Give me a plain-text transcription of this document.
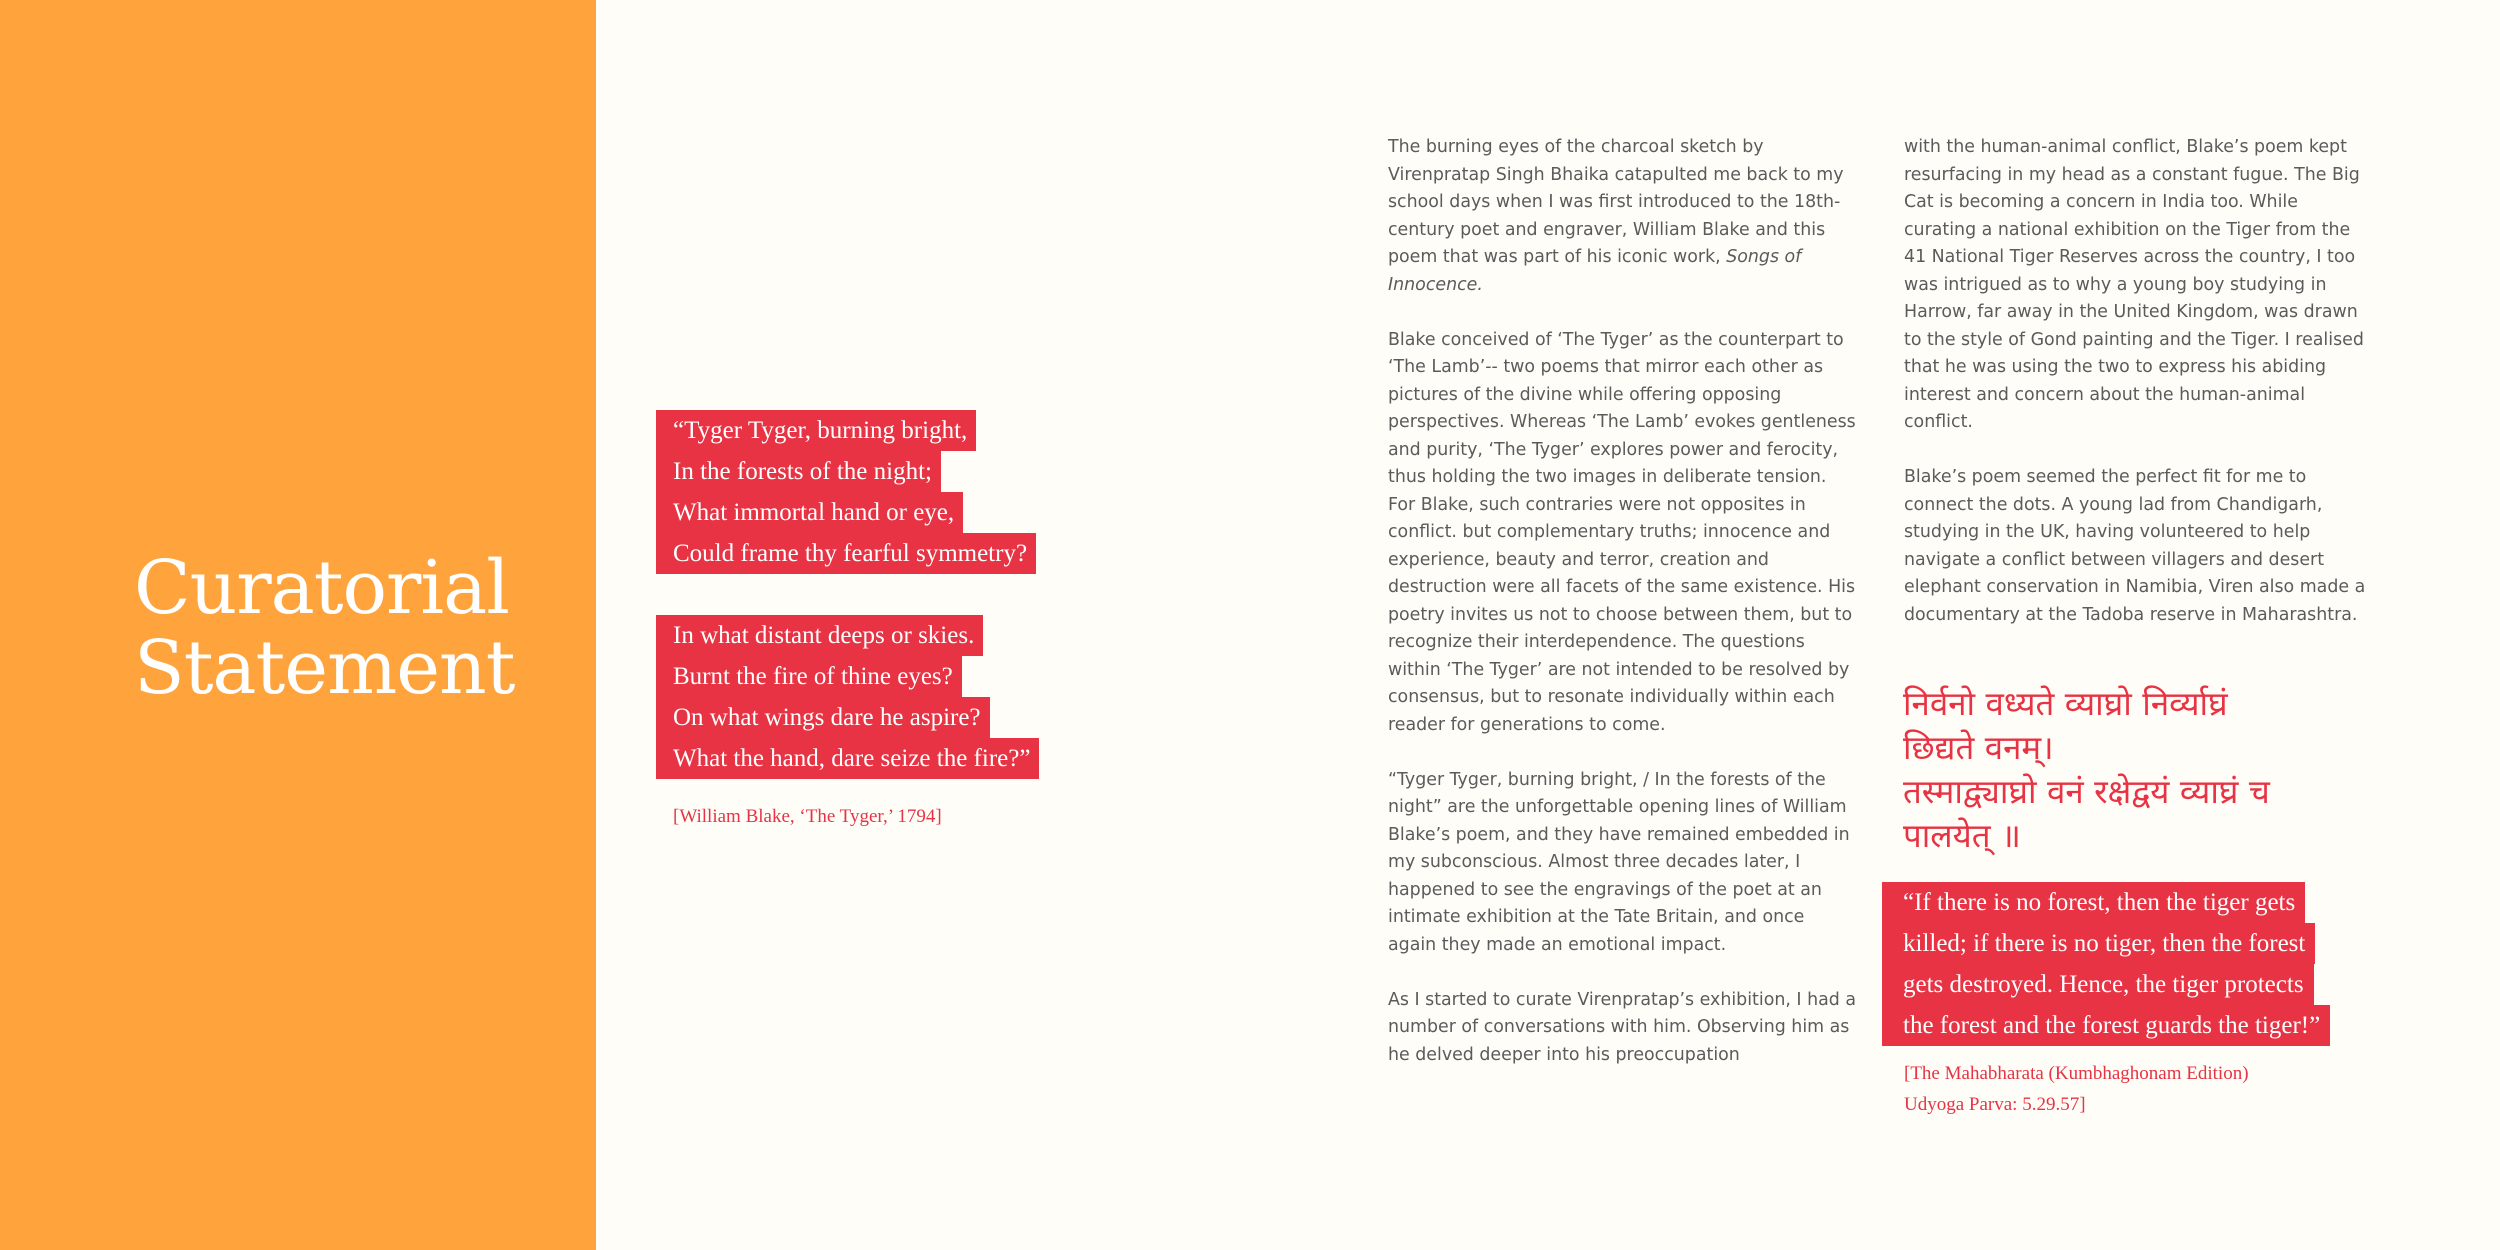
Curatorial
Statement
“Tyger Tyger, burning bright,
In the forests of the night;
What immortal hand or eye,
Could frame thy fearful symmetry?
In what distant deeps or skies.
Burnt the fire of thine eyes?
On what wings dare he aspire?
What the hand, dare seize the fire?”
[William Blake, ‘The Tyger,’ 1794]

The burning eyes of the charcoal sketch by Virenpratap Singh Bhaika catapulted me back to my school days when I was first introduced to the 18th-century poet and engraver, William Blake and this poem that was part of his iconic work, Songs of Innocence.

Blake conceived of ‘The Tyger’ as the counterpart to ‘The Lamb’-- two poems that mirror each other as pictures of the divine while offering opposing perspectives. Whereas ‘The Lamb’ evokes gentleness and purity, ‘The Tyger’ explores power and ferocity, thus holding the two images in deliberate tension. For Blake, such contraries were not opposites in conflict. but complementary truths; innocence and experience, beauty and terror, creation and destruction were all facets of the same existence. His poetry invites us not to choose between them, but to recognize their interdependence. The questions within ‘The Tyger’ are not intended to be resolved by consensus, but to resonate individually within each reader for generations to come.

“Tyger Tyger, burning bright, / In the forests of the night” are the unforgettable opening lines of William Blake’s poem, and they have remained embedded in my subconscious. Almost three decades later, I happened to see the engravings of the poet at an intimate exhibition at the Tate Britain, and once again they made an emotional impact.

As I started to curate Virenpratap’s exhibition, I had a number of conversations with him. Observing him as he delved deeper into his preoccupation

with the human-animal conflict, Blake’s poem kept resurfacing in my head as a constant fugue. The Big Cat is becoming a concern in India too. While curating a national exhibition on the Tiger from the 41 National Tiger Reserves across the country, I too was intrigued as to why a young boy studying in Harrow, far away in the United Kingdom, was drawn to the style of Gond painting and the Tiger. I realised that he was using the two to express his abiding interest and concern about the human-animal conflict.

Blake’s poem seemed the perfect fit for me to connect the dots. A young lad from Chandigarh, studying in the UK, having volunteered to help navigate a conflict between villagers and desert elephant conservation in Namibia, Viren also made a documentary at the Tadoba reserve in Maharashtra.

निर्वनो वध्यते व्याघ्रो निर्व्याघ्रं
छिद्यते वनम्।
तस्माद्व्याघ्रो वनं रक्षेद्वयं व्याघ्रं च
पालयेत् ॥
“If there is no forest, then the tiger gets
killed; if there is no tiger, then the forest
gets destroyed. Hence, the tiger protects
the forest and the forest guards the tiger!”
[The Mahabharata (Kumbhaghonam Edition)
Udyoga Parva: 5.29.57]
